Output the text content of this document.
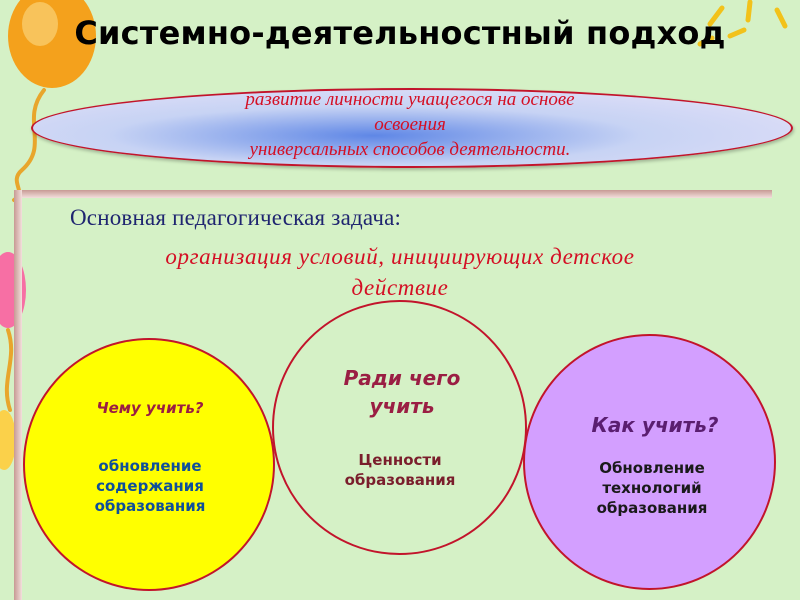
Системно-деятельностный подход
развитие личности учащегося на основе
освоения
универсальных способов деятельности.
Основная педагогическая задача:
организация условий, инициирующих детское
действие
Чему учить?
Ради чего
учить
Как учить?
обновление
содержания
образования
Ценности
образования
Обновление
технологий
образования
